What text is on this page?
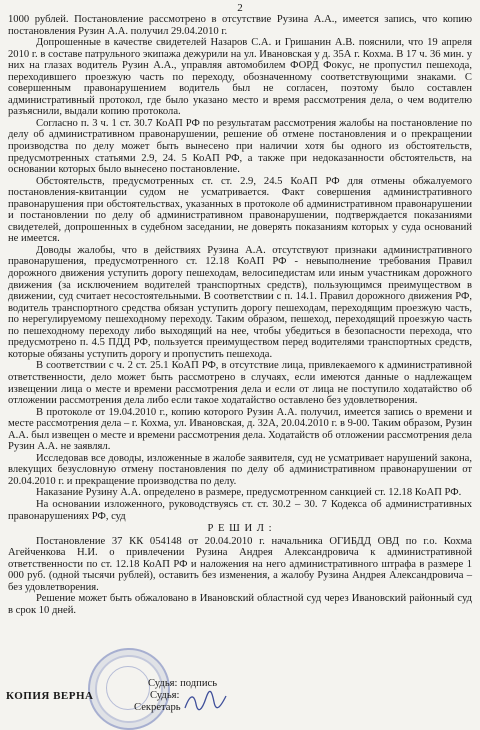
2

1000 рублей. Постановление рассмотрено в отсутствие Рузина А.А., имеется запись, что копию постановления Рузин А.А. получил 29.04.2010 г.

Допрошенные в качестве свидетелей Назаров С.А. и Гришанин А.В. пояснили, что 19 апреля 2010 г. в составе патрульного экипажа дежурили на ул. Ивановская у д. 35А г. Кохма. В 17 ч. 36 мин. у них на глазах водитель Рузин А.А., управляя автомобилем ФОРД Фокус, не пропустил пешехода, переходившего проезжую часть по переходу, обозначенному соответствующими знаками. С совершенным правонарушением водитель был не согласен, поэтому было составлен административный протокол, где было указано место и время рассмотрения дела, о чем водителю разъяснили, выдали копию протокола.

Согласно п. 3 ч. 1 ст. 30.7 КоАП РФ по результатам рассмотрения жалобы на постановление по делу об административном правонарушении, решение об отмене постановления и о прекращении производства по делу может быть вынесено при наличии хотя бы одного из обстоятельств, предусмотренных статьями 2.9, 24. 5 КоАП РФ, а также при недоказанности обстоятельств, на основании которых было вынесено постановление.

Обстоятельств, предусмотренных ст. ст. 2.9, 24.5 КоАП РФ для отмены обжалуемого постановления-квитанции судом не усматривается. Факт совершения административного правонарушения при обстоятельствах, указанных в протоколе об административном правонарушении и постановлении по делу об административном правонарушении, подтверждается показаниями свидетелей, допрошенных в судебном заседании, не доверять показаниям которых у суда оснований не имеется.

Доводы жалобы, что в действиях Рузина А.А. отсутствуют признаки административного правонарушения, предусмотренного ст. 12.18 КоАП РФ - невыполнение требования Правил дорожного движения уступить дорогу пешеходам, велосипедистам или иным участникам дорожного движения (за исключением водителей транспортных средств), пользующимся преимуществом в движении, суд считает несостоятельными. В соответствии с п. 14.1. Правил дорожного движения РФ, водитель транспортного средства обязан уступить дорогу пешеходам, переходящим проезжую часть, по нерегулируемому пешеходному переходу. Таким образом, пешеход, переходящий проезжую часть по пешеходному переходу либо выходящий на нее, чтобы убедиться в безопасности перехода, что предусмотрено п. 4.5 ПДД РФ, пользуется преимуществом перед водителями транспортных средств, которые обязаны уступить дорогу и пропустить пешехода.

В соответствии с ч. 2 ст. 25.1 КоАП РФ, в отсутствие лица, привлекаемого к административной ответственности, дело может быть рассмотрено в случаях, если имеются данные о надлежащем извещении лица о месте и времени рассмотрения дела и если от лица не поступило ходатайство об отложении рассмотрения дела либо если такое ходатайство оставлено без удовлетворения.

В протоколе от 19.04.2010 г., копию которого Рузин А.А. получил, имеется запись о времени и месте рассмотрения дела – г. Кохма, ул. Ивановская, д. 32А, 20.04.2010 г. в 9-00. Таким образом, Рузин А.А. был извещен о месте и времени рассмотрения дела. Ходатайств об отложении рассмотрения дела Рузин А.А. не заявлял.

Исследовав все доводы, изложенные в жалобе заявителя, суд не усматривает нарушений закона, влекущих безусловную отмену постановления по делу об административном правонарушении от 20.04.2010 г. и прекращение производства по делу.

Наказание Рузину А.А. определено в размере, предусмотренном санкцией ст. 12.18 КоАП РФ.

На основании изложенного, руководствуясь ст. ст. 30.2 – 30. 7 Кодекса об административных правонарушениях РФ, суд

Р Е Ш И Л :

Постановление 37 КК 054148 от 20.04.2010 г. начальника ОГИБДД ОВД по г.о. Кохма Агейченкова Н.И. о привлечении Рузина Андрея Александровича к административной ответственности по ст. 12.18 КоАП РФ и наложения на него административного штрафа в размере 1 000 руб. (одной тысячи рублей), оставить без изменения, а жалобу Рузина Андрея Александровича – без удовлетворения.

Решение может быть обжаловано в Ивановский областной суд через Ивановский районный суд в срок 10 дней.

Судья: подпись
КОПИЯ ВЕРНА	Судья:
Секретарь
